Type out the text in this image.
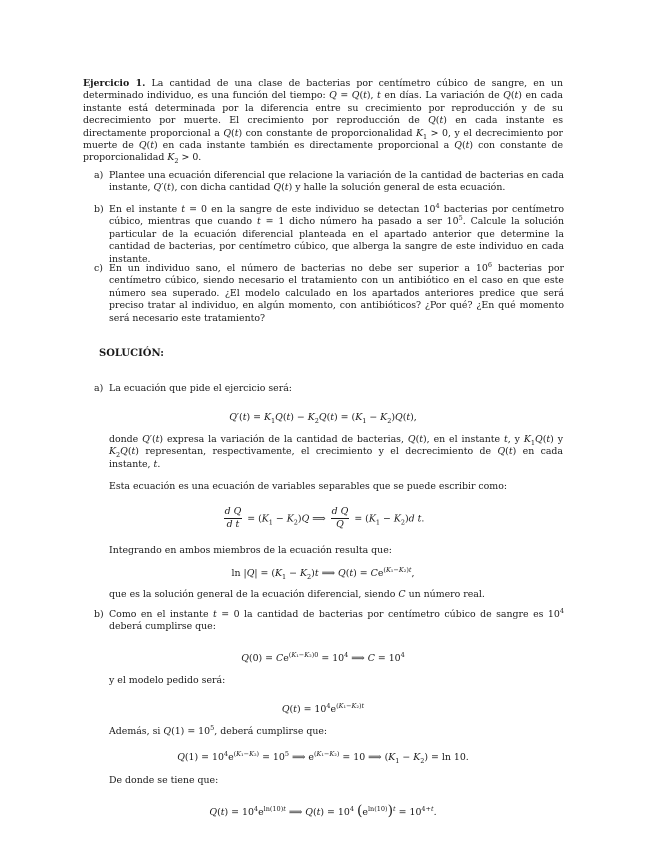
Ejercicio 1. La cantidad de una clase de bacterias por centímetro cúbico de sangre, en un determinado individuo, es una función del tiempo: Q = Q(t), t en días. La variación de Q(t) en cada instante está determinada por la diferencia entre su crecimiento por reproducción y de su decrecimiento por muerte. El crecimiento por reproducción de Q(t) en cada instante es directamente proporcional a Q(t) con constante de proporcionalidad $K_1 > 0$, y el decrecimiento por muerte de Q(t) en cada instante también es directamente proporcional a Q(t) con constante de proporcionalidad $K_2 > 0$.
a) Plantee una ecuación diferencial que relacione la variación de la cantidad de bacterias en cada instante, Q′(t), con dicha cantidad Q(t) y halle la solución general de esta ecuación.
b) En el instante t = 0 en la sangre de este individuo se detectan $10^4$ bacterias por centímetro cúbico, mientras que cuando t = 1 dicho número ha pasado a ser $10^5$. Calcule la solución particular de la ecuación diferencial planteada en el apartado anterior que determine la cantidad de bacterias, por centímetro cúbico, que alberga la sangre de este individuo en cada instante.
c) En un individuo sano, el número de bacterias no debe ser superior a $10^6$ bacterias por centímetro cúbico, siendo necesario el tratamiento con un antibiótico en el caso en que este número sea superado. ¿El modelo calculado en los apartados anteriores predice que será preciso tratar al individuo, en algún momento, con antibióticos? ¿Por qué? ¿En qué momento será necesario este tratamiento?
SOLUCIÓN:
a) La ecuación que pide el ejercicio será:
$Q'(t) = K_1Q(t) - K_2Q(t) = (K_1 - K_2)Q(t)$,
donde Q′(t) expresa la variación de la cantidad de bacterias, Q(t), en el instante t, y $K_1Q(t)$ y $K_2Q(t)$ representan, respectivamente, el crecimiento y el decrecimiento de Q(t) en cada instante, t.
Esta ecuación es una ecuación de variables separables que se puede escribir como:
$\frac{\text{d Q}}{\text{d t}} = (K_1 - K_2)Q$ ⟹ $\frac{\text{d Q}}{Q} = (K_1 - K_2)d$ t.
Integrando en ambos miembros de la ecuación resulta que:
$\ln |Q| = (K_1 - K_2)t$ ⟹ $Q(t) = Ce^{(K_1-K_2)t}$,
que es la solución general de la ecuación diferencial, siendo C un número real.
b) Como en el instante t = 0 la cantidad de bacterias por centímetro cúbico de sangre es $10^4$ deberá cumplirse que:
$Q(0) = Ce^{(K_1-K_2)0} = 10^4$ ⟹ $C = 10^4$
y el modelo pedido será:
$Q(t) = 10^4e^{(K_1-K_2)t}$
Además, si $Q(1) = 10^5$, deberá cumplirse que:
$Q(1) = 10^4e^{(K_1-K_2)} = 10^5$ ⟹ $e^{(K_1-K_2)} = 10$ ⟹ $(K_1 - K_2) = \ln 10$.
De donde se tiene que:
$Q(t) = 10^4e^{ln(10)t}$ ⟹ $Q(t) = 10^4$ $(e^{ln(10)})^t = 10^{4+t}$.
